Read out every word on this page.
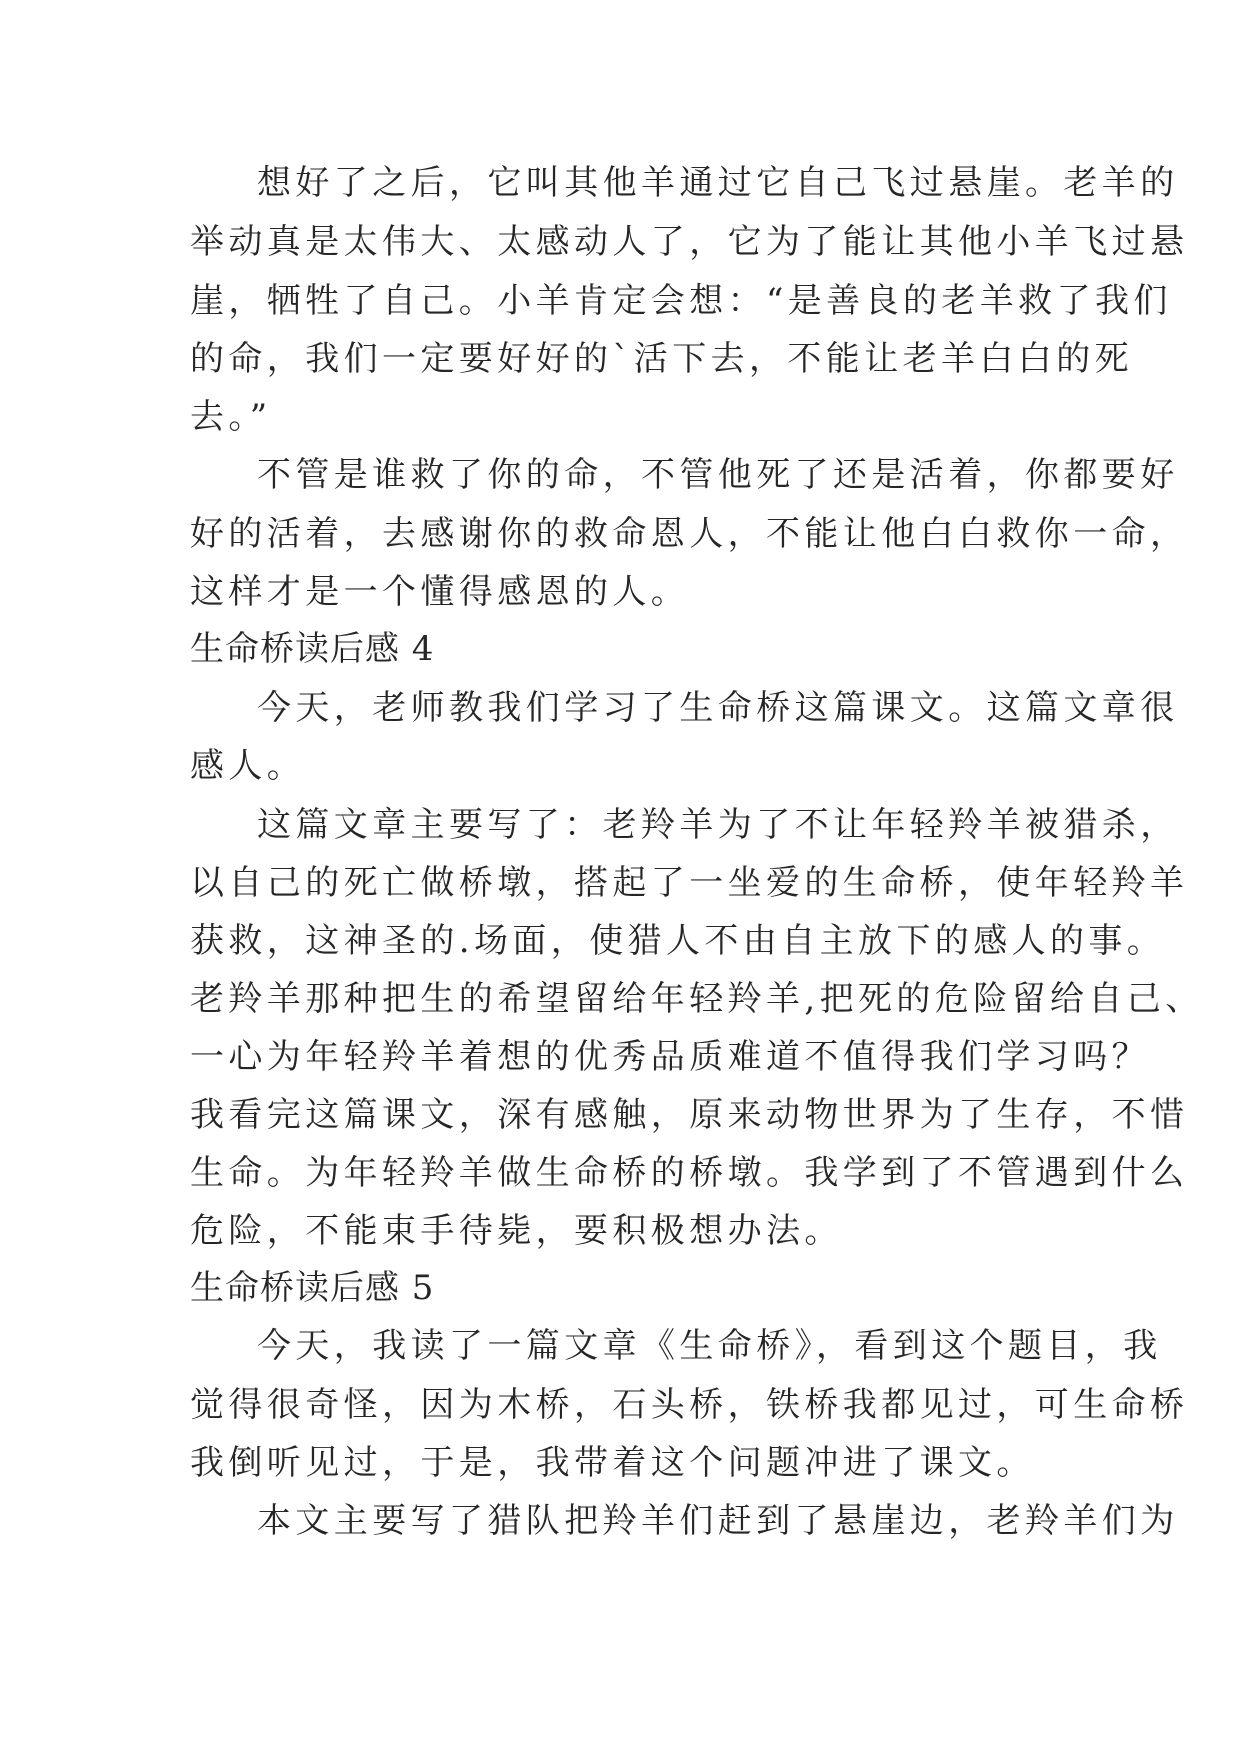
想好了之后，它叫其他羊通过它自己飞过悬崖。老羊的
举动真是太伟大、太感动人了，它为了能让其他小羊飞过悬
崖，牺牲了自己。小羊肯定会想：“是善良的老羊救了我们
的命，我们一定要好好的`活下去，不能让老羊白白的死
去。”
不管是谁救了你的命，不管他死了还是活着，你都要好
好的活着，去感谢你的救命恩人，不能让他白白救你一命，
这样才是一个懂得感恩的人。
生命桥读后感 4
今天，老师教我们学习了生命桥这篇课文。这篇文章很
感人。
这篇文章主要写了：老羚羊为了不让年轻羚羊被猎杀，
以自己的死亡做桥墩，搭起了一坐爱的生命桥，使年轻羚羊
获救，这神圣的.场面，使猎人不由自主放下的感人的事。
老羚羊那种把生的希望留给年轻羚羊,把死的危险留给自己、
一心为年轻羚羊着想的优秀品质难道不值得我们学习吗？
我看完这篇课文，深有感触，原来动物世界为了生存，不惜
生命。为年轻羚羊做生命桥的桥墩。我学到了不管遇到什么
危险，不能束手待毙，要积极想办法。
生命桥读后感 5
今天，我读了一篇文章《生命桥》，看到这个题目，我
觉得很奇怪，因为木桥，石头桥，铁桥我都见过，可生命桥
我倒听见过，于是，我带着这个问题冲进了课文。
本文主要写了猎队把羚羊们赶到了悬崖边，老羚羊们为
